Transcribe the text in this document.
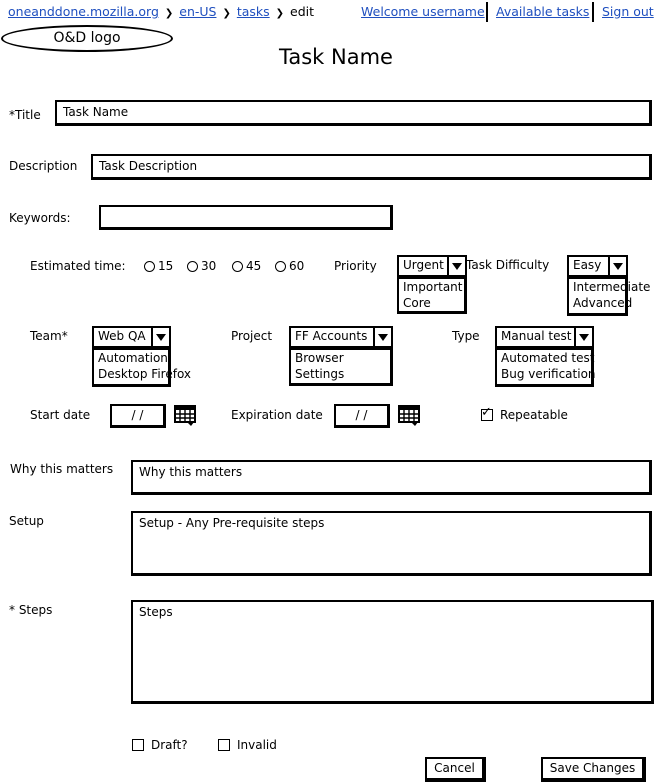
oneanddone.mozilla.org ❯ en-US ❯ tasks ❯ edit	Welcome username Available tasks Sign out
O&D logo
Task Name
*Title	Task Name
Description	Task Description
Keywords:
Estimated time:	15 30 45 60 Priority Urgent
Important
Core
Task Difficulty Easy
Intermediate
Advanced
Team*	Web QA
Automation
Desktop Firefox
Project FF Accounts
Browser
Settings
Type Manual test
Automated test
Bug verification
Start date	/ /	Expiration date	/ /
✓	Repeatable
Why this matters	Why this matters
Setup	Setup - Any Pre-requisite steps
* Steps	Steps
Draft?	Invalid
Cancel	Save Changes
